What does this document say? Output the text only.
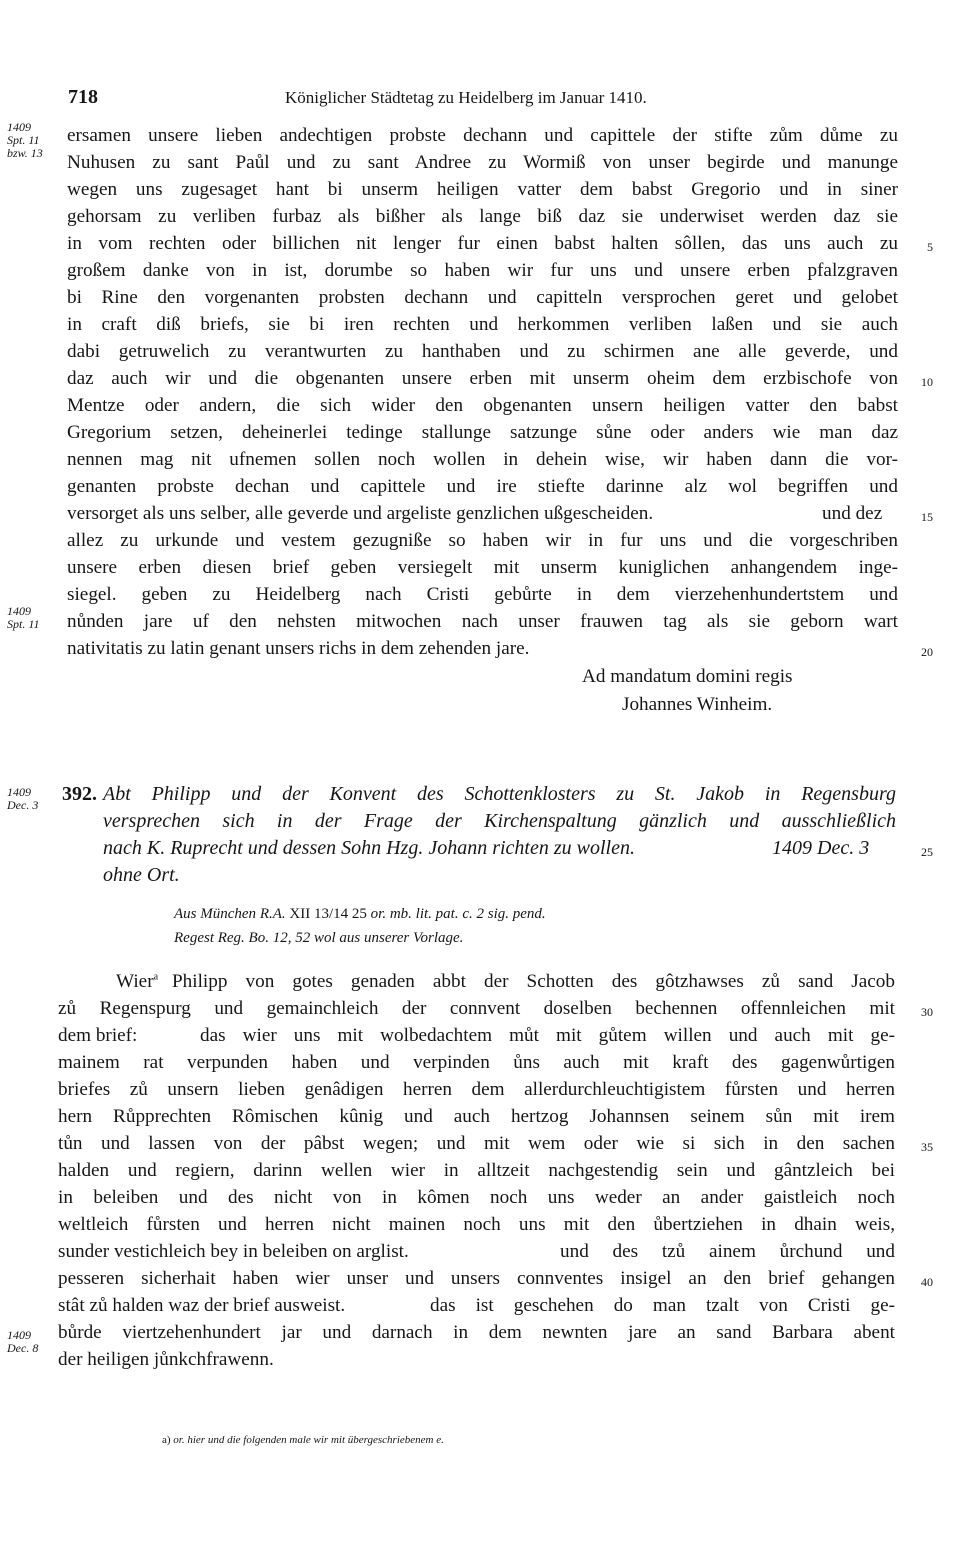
718	Königlicher Städtetag zu Heidelberg im Januar 1410.
ersamen unsere lieben andechtigen probste dechann und capittele der stifte zům důme zu
Nuhusen zu sant Paůl und zu sant Andree zu Wormiß von unser begirde und manunge
wegen uns zugesaget hant bi unserm heiligen vatter dem babst Gregorio und in siner
gehorsam zu verliben furbaz als bißher als lange biß daz sie underwiset werden daz sie
in vom rechten oder billichen nit lenger fur einen babst halten sôllen, das uns auch zu
großem danke von in ist, dorumbe so haben wir fur uns und unsere erben pfalzgraven
bi Rine den vorgenanten probsten dechann und capitteln versprochen geret und gelobet
in craft diß briefs, sie bi iren rechten und herkommen verliben laßen und sie auch
dabi getruwelich zu verantwurten zu hanthaben und zu schirmen ane alle geverde, und
daz auch wir und die obgenanten unsere erben mit unserm oheim dem erzbischofe von
Mentze oder andern, die sich wider den obgenanten unsern heiligen vatter den babst
Gregorium setzen, deheinerlei tedinge stallunge satzunge sůne oder anders wie man daz
nennen mag nit ufnemen sollen noch wollen in dehein wise, wir haben dann die vor-
genanten probste dechan und capittele und ire stiefte darinne alz wol begriffen und
versorget als uns selber, alle geverde und argeliste genzlichen ußgescheiden.	und dez
allez zu urkunde und vestem gezugniße so haben wir in fur uns und die vorgeschriben
unsere erben diesen brief geben versiegelt mit unserm kuniglichen anhangendem inge-
siegel. geben zu Heidelberg nach Cristi gebůrte in dem vierzehenhundertstem und
nůnden jare uf den nehsten mitwochen nach unser frauwen tag als sie geborn wart
nativitatis zu latin genant unsers richs in dem zehenden jare.
Ad mandatum domini regis
Johannes Winheim.
1409
Spt. 11
bzw. 13
1409
Spt. 11
5
10
15
20
1409
Dec. 3 392. Abt Philipp und der Konvent des Schottenklosters zu St. Jakob in Regensburg
versprechen sich in der Frage der Kirchenspaltung gänzlich und ausschließlich
nach K. Ruprecht und dessen Sohn Hzg. Johann richten zu wollen.	1409 Dec. 3
ohne Ort.
25
Aus München R.A. XII 13/14 25 or. mb. lit. pat. c. 2 sig. pend.
Regest Reg. Bo. 12, 52 wol aus unserer Vorlage.
Wier$^a$ Philipp von gotes genaden abbt der Schotten des gôtzhawses zů sand Jacob
zů Regenspurg und gemainchleich der connvent doselben bechennen offennleichen mit
dem brief:	das wier uns mit wolbedachtem můt mit gůtem willen und auch mit ge-
mainem rat verpunden haben und verpinden ůns auch mit kraft des gagenwůrtigen
briefes zů unsern lieben genâdigen herren dem allerdurchleuchtigistem fůrsten und herren
hern Růpprechten Rômischen kûnig und auch hertzog Johannsen seinem sůn mit irem
tůn und lassen von der pâbst wegen; und mit wem oder wie si sich in den sachen
halden und regiern, darinn wellen wier in alltzeit nachgestendig sein und gântzleich bei
in beleiben und des nicht von in kômen noch uns weder an ander gaistleich noch
weltleich fůrsten und herren nicht mainen noch uns mit den ůbertziehen in dhain weis,
sunder vestichleich bey in beleiben on arglist.	und des tzů ainem ůrchund und
pesseren sicherhait haben wier unser und unsers connventes insigel an den brief gehangen
stât zů halden waz der brief ausweist.	das ist geschehen do man tzalt von Cristi ge-
bůrde viertzehenhundert jar und darnach in dem newnten jare an sand Barbara abent
der heiligen jůnkchfrawenn.
1409
Dec. 8
30
35
40
a) or. hier und die folgenden male wir mit übergeschriebenem e.
